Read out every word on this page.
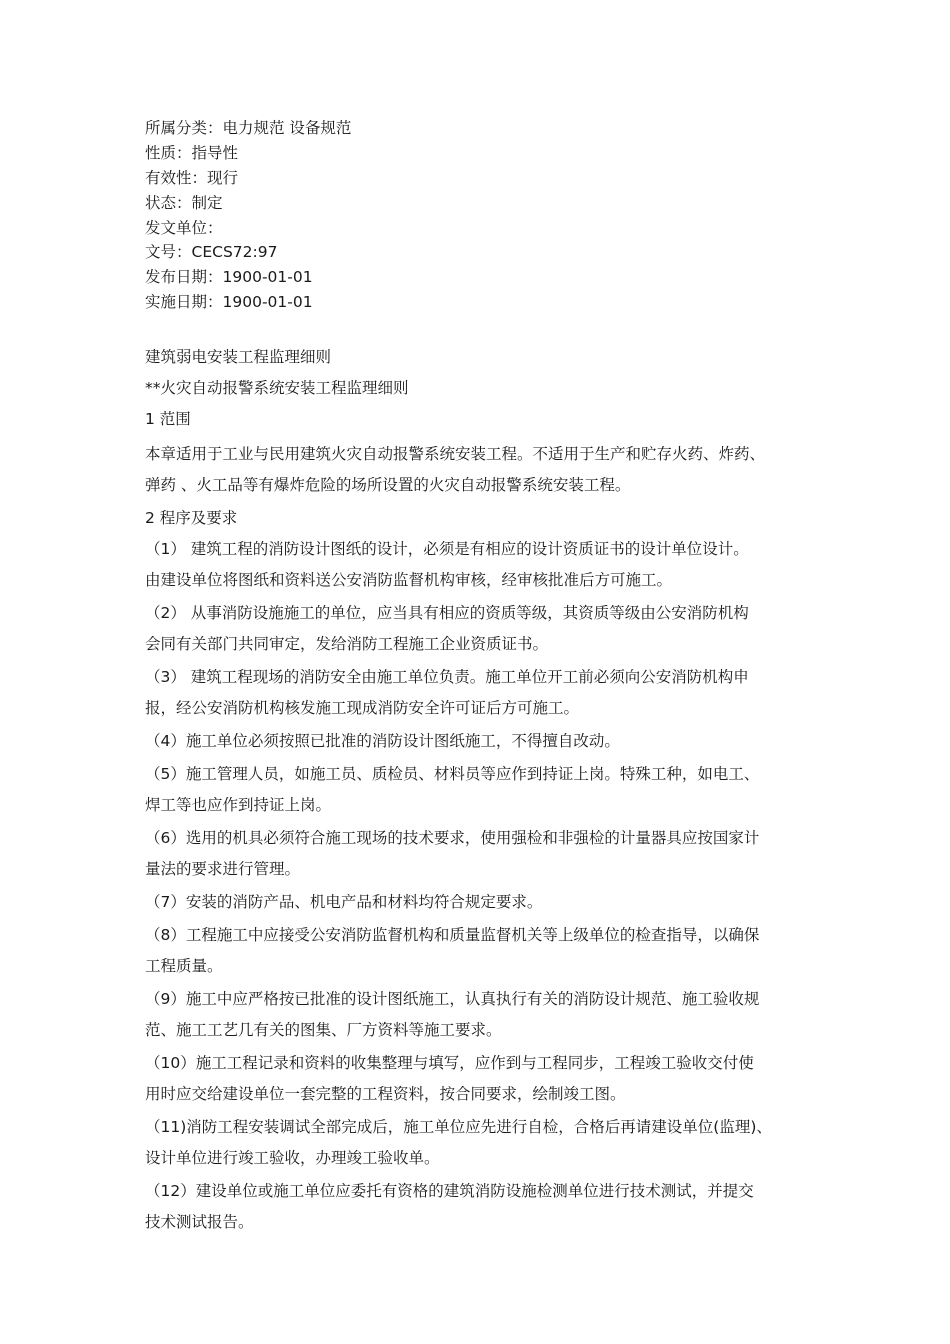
所属分类：电力规范 设备规范
性质：指导性
有效性：现行
状态：制定
发文单位：
文号：CECS72:97
发布日期：1900-01-01
实施日期：1900-01-01
建筑弱电安装工程监理细则
**火灾自动报警系统安装工程监理细则
1 范围
本章适用于工业与民用建筑火灾自动报警系统安装工程。不适用于生产和贮存火药、炸药、
弹药 、火工品等有爆炸危险的场所设置的火灾自动报警系统安装工程。
2 程序及要求
（1） 建筑工程的消防设计图纸的设计，必须是有相应的设计资质证书的设计单位设计。
由建设单位将图纸和资料送公安消防监督机构审核，经审核批准后方可施工。
（2） 从事消防设施施工的单位，应当具有相应的资质等级，其资质等级由公安消防机构
会同有关部门共同审定，发给消防工程施工企业资质证书。
（3） 建筑工程现场的消防安全由施工单位负责。施工单位开工前必须向公安消防机构申
报，经公安消防机构核发施工现成消防安全许可证后方可施工。
（4）施工单位必须按照已批准的消防设计图纸施工，不得擅自改动。
（5）施工管理人员，如施工员、质检员、材料员等应作到持证上岗。特殊工种，如电工、
焊工等也应作到持证上岗。
（6）选用的机具必须符合施工现场的技术要求，使用强检和非强检的计量器具应按国家计
量法的要求进行管理。
（7）安装的消防产品、机电产品和材料均符合规定要求。
（8）工程施工中应接受公安消防监督机构和质量监督机关等上级单位的检查指导，以确保
工程质量。
（9）施工中应严格按已批准的设计图纸施工，认真执行有关的消防设计规范、施工验收规
范、施工工艺几有关的图集、厂方资料等施工要求。
（10）施工工程记录和资料的收集整理与填写，应作到与工程同步，工程竣工验收交付使
用时应交给建设单位一套完整的工程资料，按合同要求，绘制竣工图。
（11)消防工程安装调试全部完成后，施工单位应先进行自检，合格后再请建设单位(监理)、
设计单位进行竣工验收，办理竣工验收单。
（12）建设单位或施工单位应委托有资格的建筑消防设施检测单位进行技术测试，并提交
技术测试报告。
